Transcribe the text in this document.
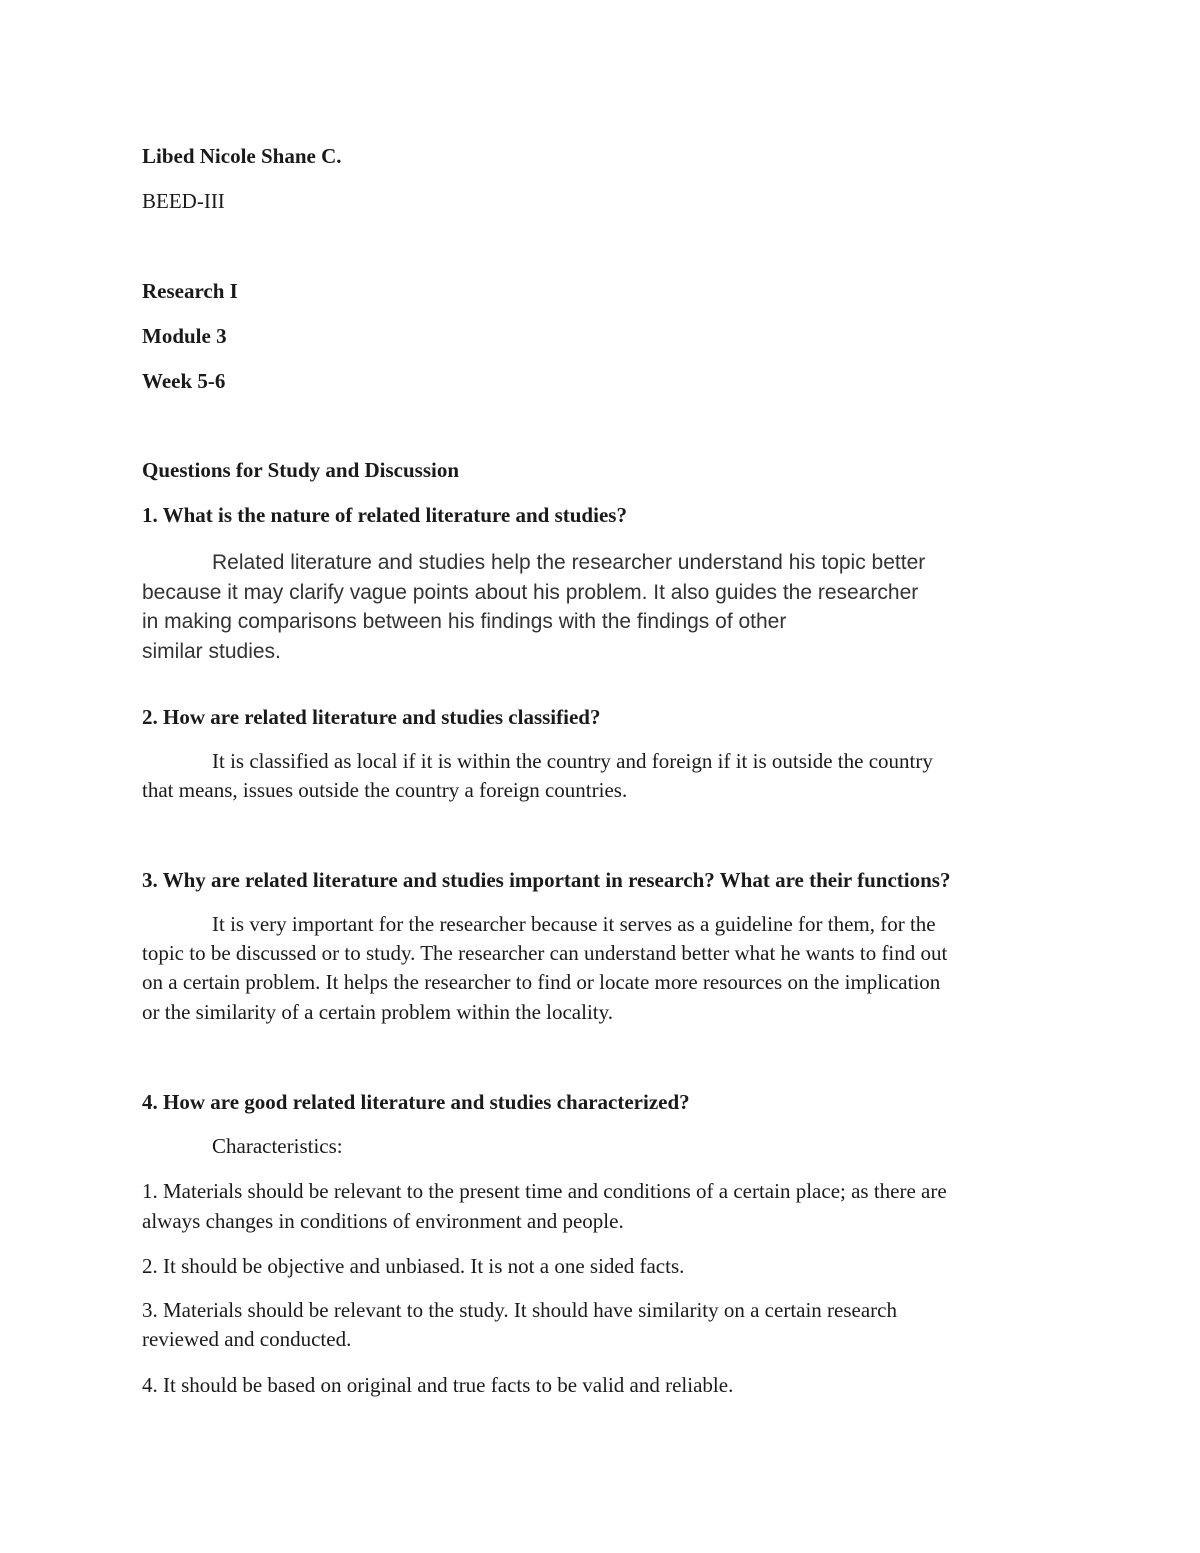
Libed Nicole Shane C.

BEED-III

Research I

Module 3

Week 5-6

Questions for Study and Discussion

1. What is the nature of related literature and studies?

Related literature and studies help the researcher understand his topic better
because it may clarify vague points about his problem. It also guides the researcher
in making comparisons between his findings with the findings of other
similar studies.

2. How are related literature and studies classified?

It is classified as local if it is within the country and foreign if it is outside the country

that means, issues outside the country a foreign countries.

3. Why are related literature and studies important in research? What are their functions?

It is very important for the researcher because it serves as a guideline for them, for the

topic to be discussed or to study. The researcher can understand better what he wants to find out

on a certain problem. It helps the researcher to find or locate more resources on the implication

or the similarity of a certain problem within the locality.

4. How are good related literature and studies characterized?

Characteristics:

1. Materials should be relevant to the present time and conditions of a certain place; as there are

always changes in conditions of environment and people.

2. It should be objective and unbiased. It is not a one sided facts.

3. Materials should be relevant to the study. It should have similarity on a certain research

reviewed and conducted.

4. It should be based on original and true facts to be valid and reliable.
